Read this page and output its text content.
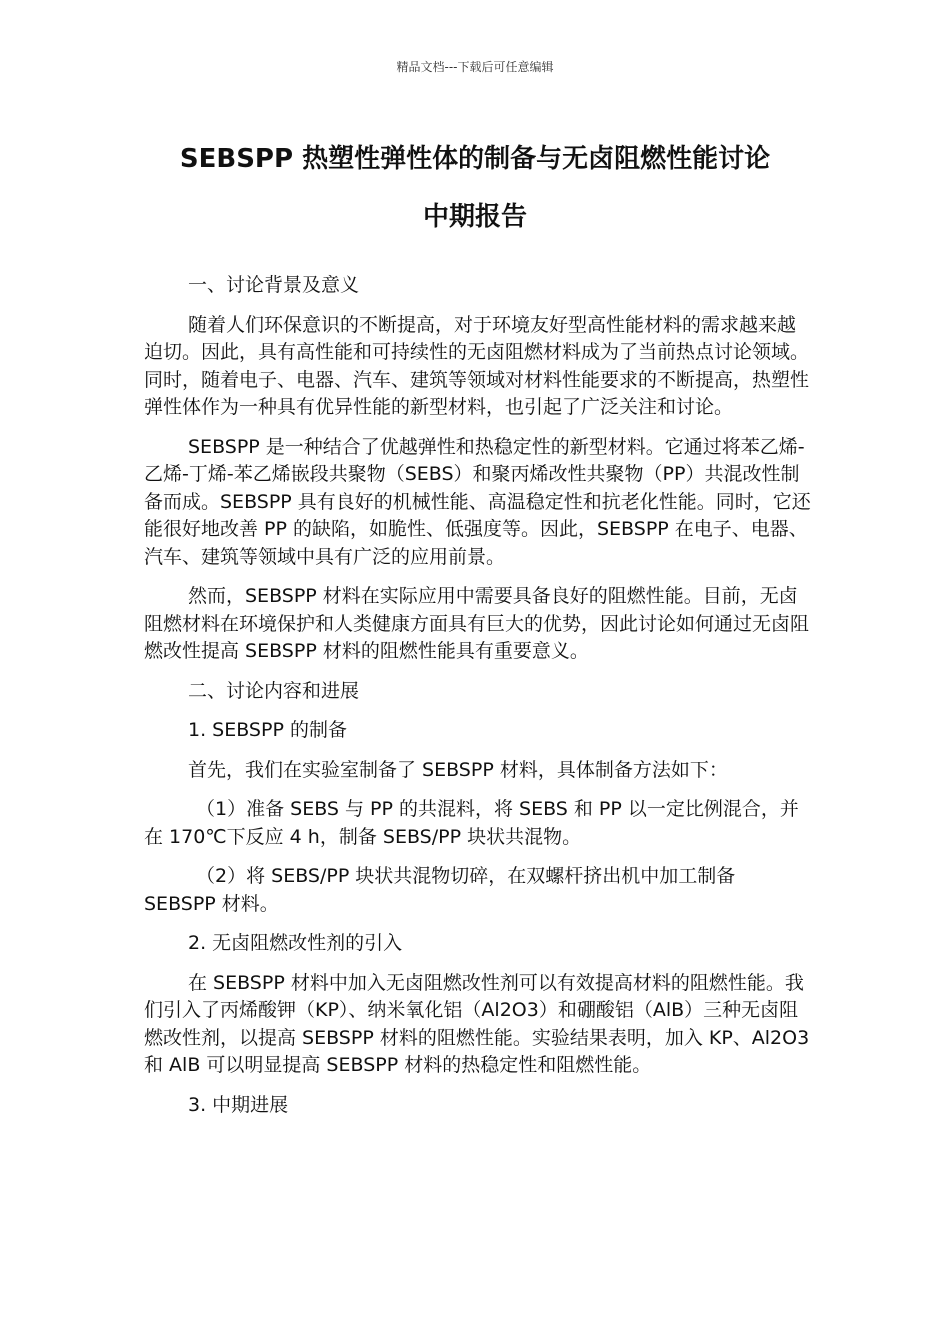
精品文档---下载后可任意编辑
SEBSPP 热塑性弹性体的制备与无卤阻燃性能讨论
中期报告

一、讨论背景及意义

随着人们环保意识的不断提高，对于环境友好型高性能材料的需求越来越迫切。因此，具有高性能和可持续性的无卤阻燃材料成为了当前热点讨论领域。同时，随着电子、电器、汽车、建筑等领域对材料性能要求的不断提高，热塑性弹性体作为一种具有优异性能的新型材料，也引起了广泛关注和讨论。

SEBSPP 是一种结合了优越弹性和热稳定性的新型材料。它通过将苯乙烯-乙烯-丁烯-苯乙烯嵌段共聚物（SEBS）和聚丙烯改性共聚物（PP）共混改性制备而成。SEBSPP 具有良好的机械性能、高温稳定性和抗老化性能。同时，它还能很好地改善 PP 的缺陷，如脆性、低强度等。因此，SEBSPP 在电子、电器、汽车、建筑等领域中具有广泛的应用前景。

然而，SEBSPP 材料在实际应用中需要具备良好的阻燃性能。目前，无卤阻燃材料在环境保护和人类健康方面具有巨大的优势，因此讨论如何通过无卤阻燃改性提高 SEBSPP 材料的阻燃性能具有重要意义。

二、讨论内容和进展

1. SEBSPP 的制备

首先，我们在实验室制备了 SEBSPP 材料，具体制备方法如下：

（1）准备 SEBS 与 PP 的共混料，将 SEBS 和 PP 以一定比例混合，并在 170℃下反应 4 h，制备 SEBS/PP 块状共混物。

（2）将 SEBS/PP 块状共混物切碎，在双螺杆挤出机中加工制备 SEBSPP 材料。

2. 无卤阻燃改性剂的引入

在 SEBSPP 材料中加入无卤阻燃改性剂可以有效提高材料的阻燃性能。我们引入了丙烯酸钾（KP）、纳米氧化铝（Al2O3）和硼酸铝（AlB）三种无卤阻燃改性剂，以提高 SEBSPP 材料的阻燃性能。实验结果表明，加入 KP、Al2O3 和 AlB 可以明显提高 SEBSPP 材料的热稳定性和阻燃性能。

3. 中期进展
